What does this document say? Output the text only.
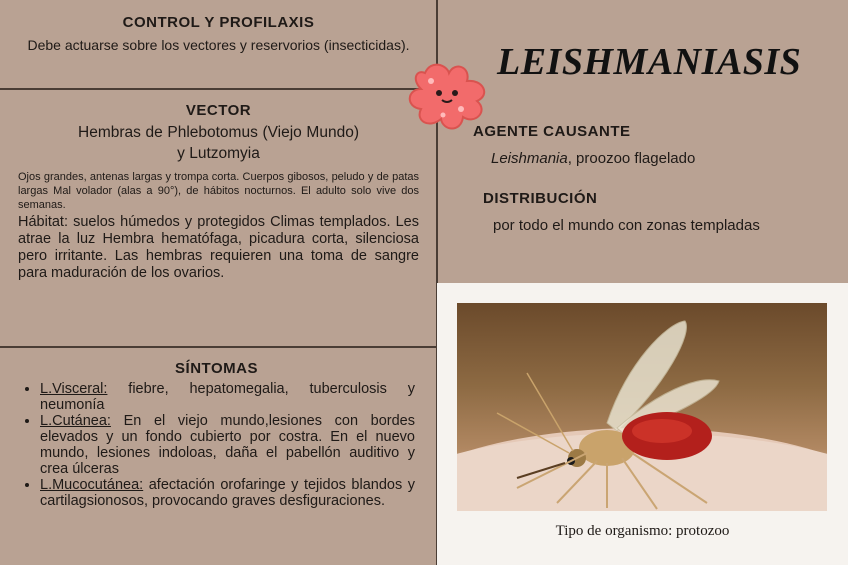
CONTROL Y PROFILAXIS
Debe actuarse sobre los vectores y reservorios (insecticidas).
VECTOR
Hembras de Phlebotomus (Viejo Mundo) y Lutzomyia
Ojos grandes, antenas largas y trompa corta. Cuerpos gibosos, peludo y de patas largas Mal volador (alas a 90°), de hábitos nocturnos. El adulto solo vive dos semanas.
Hábitat: suelos húmedos y protegidos Climas templados. Les atrae la luz Hembra hematófaga, picadura corta, silenciosa pero irritante. Las hembras requieren una toma de sangre para maduración de los ovarios.
SÍNTOMAS
• L.Visceral: fiebre, hepatomegalia, tuberculosis y neumonía
• L.Cutánea: En el viejo mundo,lesiones con bordes elevados y un fondo cubierto por costra. En el nuevo mundo, lesiones indoloas, daña el pabellón auditivo y crea úlceras
• L.Mucocutánea: afectación orofaringe y tejidos blandos y cartilagsionosos, provocando graves desfiguraciones.
LEISHMANIASIS
AGENTE CAUSANTE
Leishmania, proozoo flagelado
DISTRIBUCIÓN
por todo el mundo con zonas templadas
Tipo de organismo: protozoo
